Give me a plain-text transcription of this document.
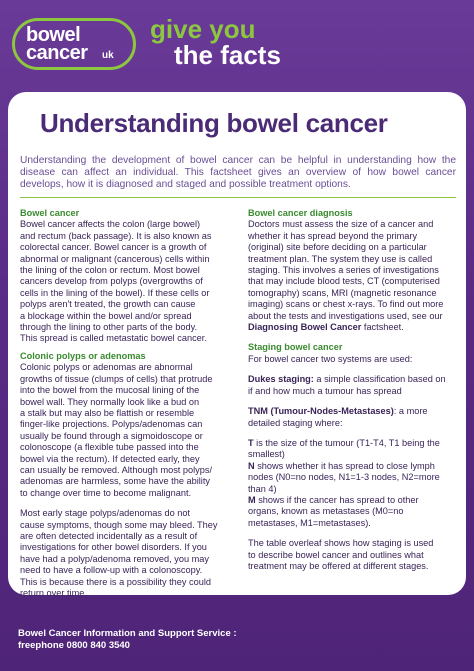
bowel
cancer uk
give you
the facts
Understanding bowel cancer

Understanding the development of bowel cancer can be helpful in understanding how the disease can affect an individual. This factsheet gives an overview of how bowel cancer develops, how it is diagnosed and staged and possible treatment options.

Bowel cancer
Bowel cancer affects the colon (large bowel)
and rectum (back passage). It is also known as
colorectal cancer. Bowel cancer is a growth of
abnormal or malignant (cancerous) cells within
the lining of the colon or rectum. Most bowel
cancers develop from polyps (overgrowths of
cells in the lining of the bowel). If these cells or
polyps aren't treated, the growth can cause
a blockage within the bowel and/or spread
through the lining to other parts of the body.
This spread is called metastatic bowel cancer.
Colonic polyps or adenomas
Colonic polyps or adenomas are abnormal
growths of tissue (clumps of cells) that protrude
into the bowel from the mucosal lining of the
bowel wall. They normally look like a bud on
a stalk but may also be flattish or resemble
finger-like projections. Polyps/adenomas can
usually be found through a sigmoidoscope or
colonoscope (a flexible tube passed into the
bowel via the rectum). If detected early, they
can usually be removed. Although most polyps/
adenomas are harmless, some have the ability
to change over time to become malignant.
Most early stage polyps/adenomas do not
cause symptoms, though some may bleed. They
are often detected incidentally as a result of
investigations for other bowel disorders. If you
have had a polyp/adenoma removed, you may
need to have a follow-up with a colonoscopy.
This is because there is a possibility they could
return over time.
Bowel cancer diagnosis
Doctors must assess the size of a cancer and
whether it has spread beyond the primary
(original) site before deciding on a particular
treatment plan. The system they use is called
staging. This involves a series of investigations
that may include blood tests, CT (computerised
tomography) scans, MRI (magnetic resonance
imaging) scans or chest x-rays. To find out more
about the tests and investigations used, see our
Diagnosing Bowel Cancer factsheet.
Staging bowel cancer
For bowel cancer two systems are used:
Dukes staging: a simple classification based on
if and how much a tumour has spread
TNM (Tumour-Nodes-Metastases): a more
detailed staging where:
T is the size of the tumour (T1-T4, T1 being the
smallest)
N shows whether it has spread to close lymph
nodes (N0=no nodes, N1=1-3 nodes, N2=more
than 4)
M shows if the cancer has spread to other
organs, known as metastases (M0=no
metastases, M1=metastases).
The table overleaf shows how staging is used
to describe bowel cancer and outlines what
treatment may be offered at different stages.
Bowel Cancer Information and Support Service :
freephone 0800 840 3540
